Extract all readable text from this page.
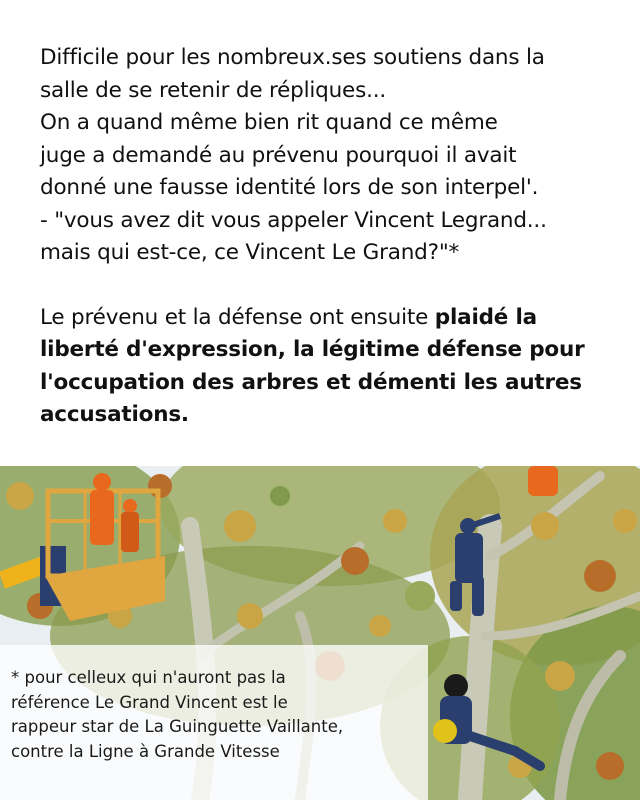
Difficile pour les nombreux.ses soutiens dans la
salle de se retenir de répliques...
On a quand même bien rit quand ce même
juge a demandé au prévenu pourquoi il avait
donné une fausse identité lors de son interpel'.
- "vous avez dit vous appeler Vincent Legrand...
mais qui est-ce, ce Vincent Le Grand?"*
Le prévenu et la défense ont ensuite plaidé la
liberté d'expression, la légitime défense pour
l'occupation des arbres et démenti les autres
accusations.
* pour celleux qui n'auront pas la
référence Le Grand Vincent est le
rappeur star de La Guinguette Vaillante,
contre la Ligne à Grande Vitesse
